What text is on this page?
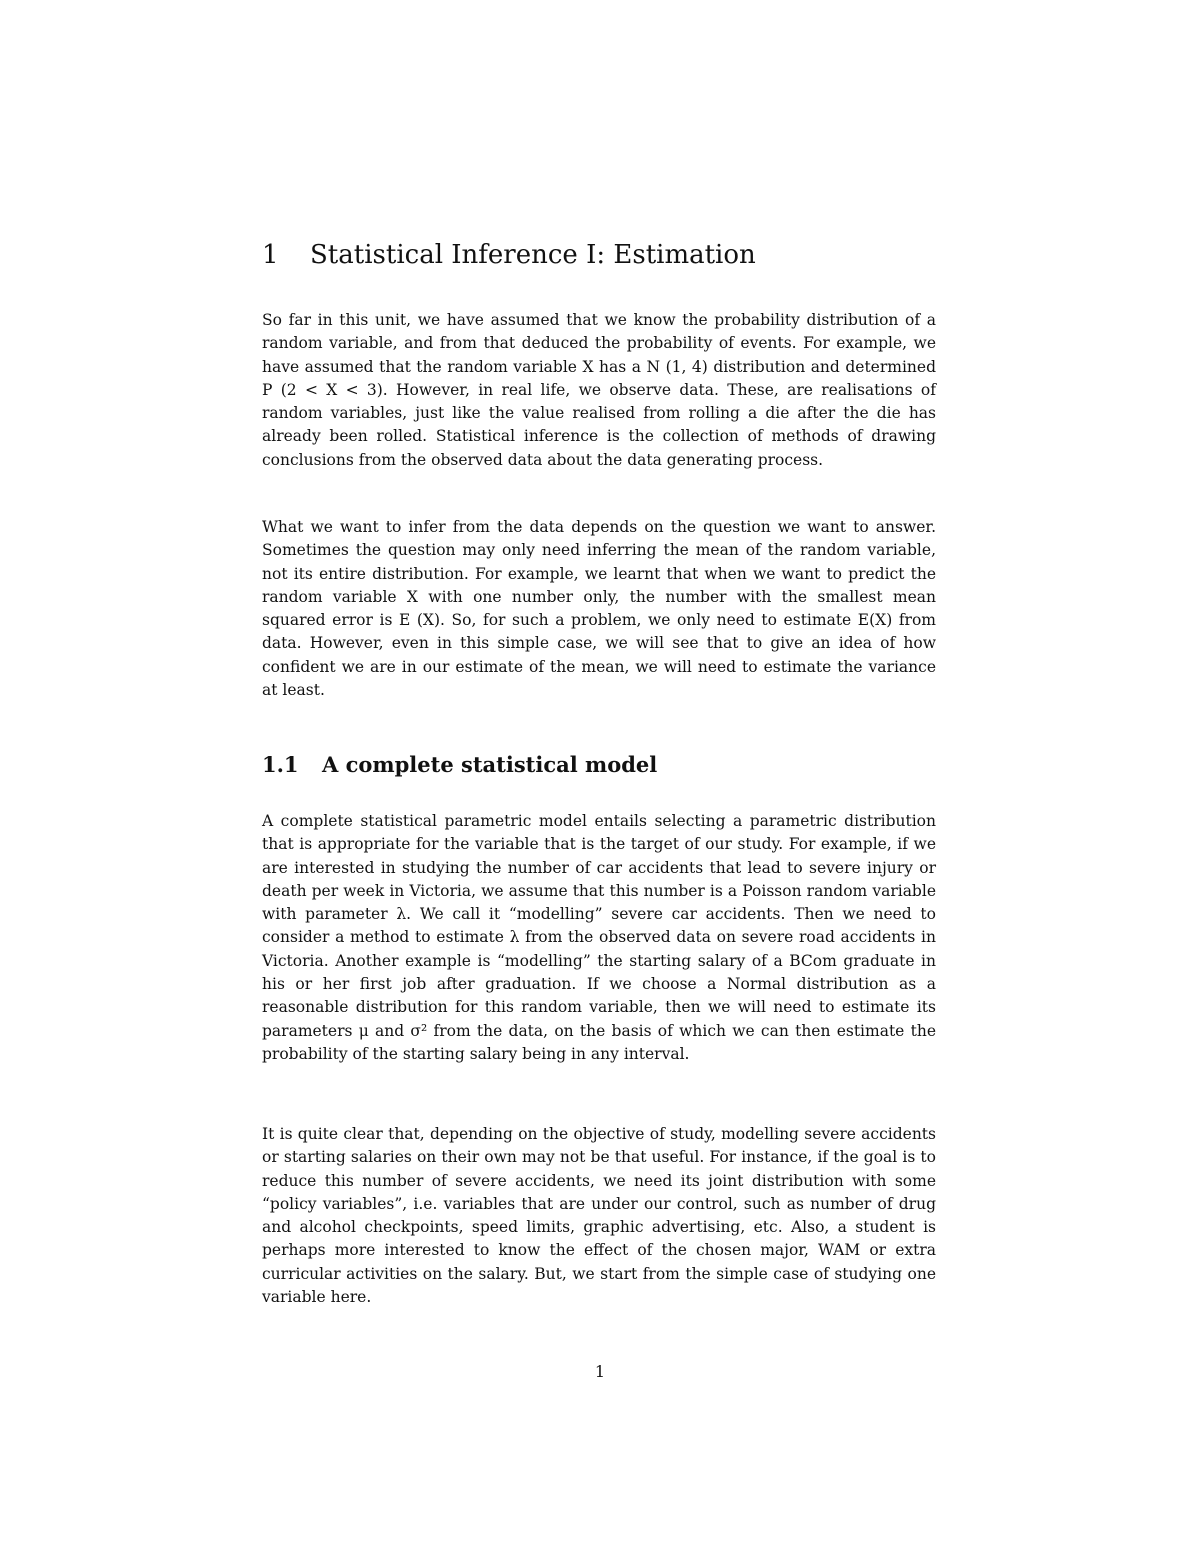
1 Statistical Inference I: Estimation

So far in this unit, we have assumed that we know the probability distribution of a random variable, and from that deduced the probability of events. For example, we have assumed that the random variable X has a N (1, 4) distribution and determined P (2 < X < 3). However, in real life, we observe data. These, are realisations of random variables, just like the value realised from rolling a die after the die has already been rolled. Statistical inference is the collection of methods of drawing conclusions from the observed data about the data generating process.

What we want to infer from the data depends on the question we want to answer. Sometimes the question may only need inferring the mean of the random variable, not its entire distribution. For example, we learnt that when we want to predict the random variable X with one number only, the number with the smallest mean squared error is E (X). So, for such a problem, we only need to estimate E(X) from data. However, even in this simple case, we will see that to give an idea of how confident we are in our estimate of the mean, we will need to estimate the variance at least.

1.1 A complete statistical model

A complete statistical parametric model entails selecting a parametric distribution that is appropriate for the variable that is the target of our study. For example, if we are interested in studying the number of car accidents that lead to severe injury or death per week in Victoria, we assume that this number is a Poisson random variable with parameter λ. We call it “modelling” severe car accidents. Then we need to consider a method to estimate λ from the observed data on severe road accidents in Victoria. Another example is “modelling” the starting salary of a BCom graduate in his or her first job after graduation. If we choose a Normal distribution as a reasonable distribution for this random variable, then we will need to estimate its parameters μ and σ² from the data, on the basis of which we can then estimate the probability of the starting salary being in any interval.

It is quite clear that, depending on the objective of study, modelling severe accidents or starting salaries on their own may not be that useful. For instance, if the goal is to reduce this number of severe accidents, we need its joint distribution with some “policy variables”, i.e. variables that are under our control, such as number of drug and alcohol checkpoints, speed limits, graphic advertising, etc. Also, a student is perhaps more interested to know the effect of the chosen major, WAM or extra curricular activities on the salary. But, we start from the simple case of studying one variable here.

1
